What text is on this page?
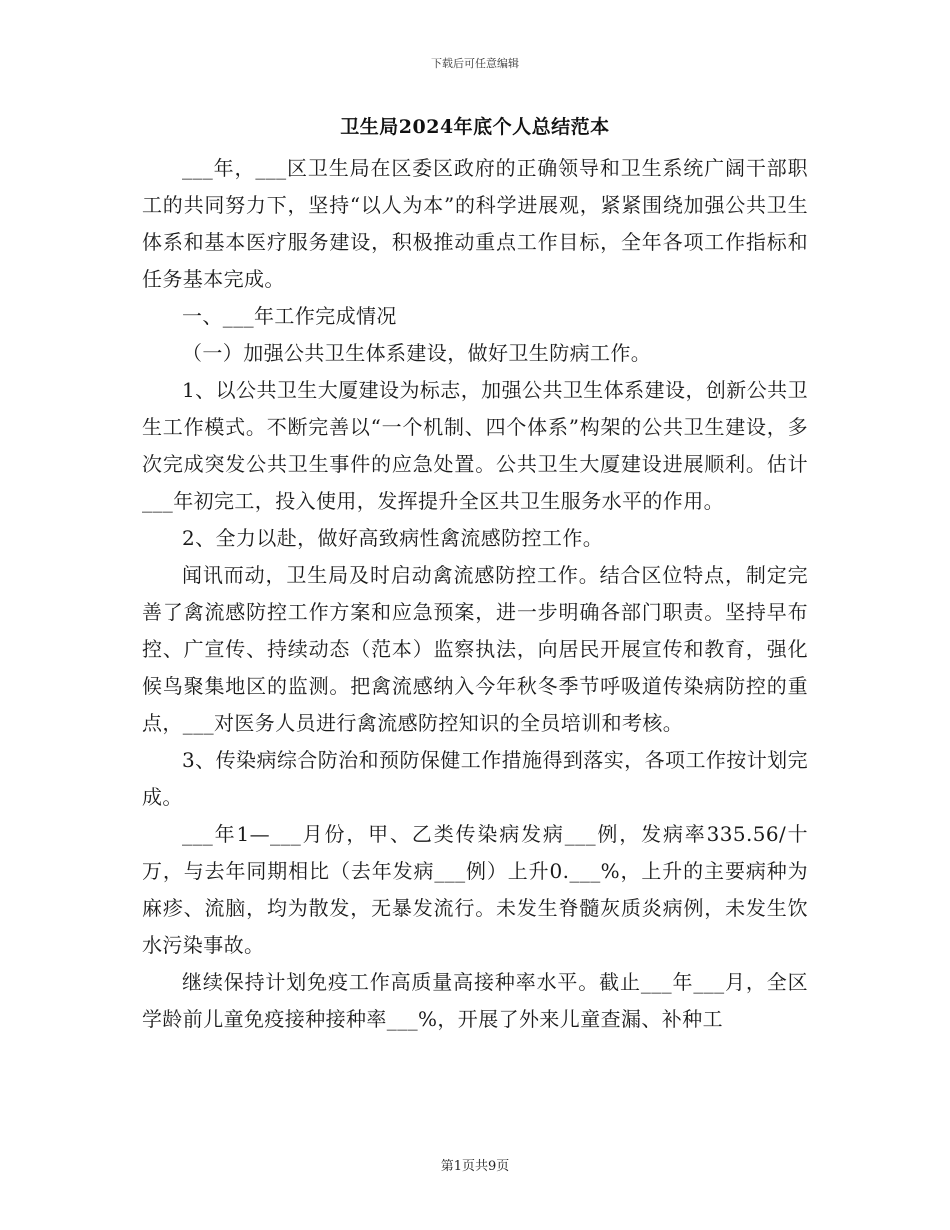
下载后可任意编辑
卫生局2024年底个人总结范本

___年，___区卫生局在区委区政府的正确领导和卫生系统广阔干部职工的共同努力下，坚持“以人为本”的科学进展观，紧紧围绕加强公共卫生体系和基本医疗服务建设，积极推动重点工作目标，全年各项工作指标和任务基本完成。

一、___年工作完成情况

（一）加强公共卫生体系建设，做好卫生防病工作。

1、以公共卫生大厦建设为标志，加强公共卫生体系建设，创新公共卫生工作模式。不断完善以“一个机制、四个体系”构架的公共卫生建设，多次完成突发公共卫生事件的应急处置。公共卫生大厦建设进展顺利。估计___年初完工，投入使用，发挥提升全区共卫生服务水平的作用。

2、全力以赴，做好高致病性禽流感防控工作。

闻讯而动，卫生局及时启动禽流感防控工作。结合区位特点，制定完善了禽流感防控工作方案和应急预案，进一步明确各部门职责。坚持早布控、广宣传、持续动态（范本）监察执法，向居民开展宣传和教育，强化候鸟聚集地区的监测。把禽流感纳入今年秋冬季节呼吸道传染病防控的重点，___对医务人员进行禽流感防控知识的全员培训和考核。

3、传染病综合防治和预防保健工作措施得到落实，各项工作按计划完成。

___年1—___月份，甲、乙类传染病发病___例，发病率335.56/十万，与去年同期相比（去年发病___例）上升0.___%，上升的主要病种为麻疹、流脑，均为散发，无暴发流行。未发生脊髓灰质炎病例，未发生饮水污染事故。

继续保持计划免疫工作高质量高接种率水平。截止___年___月，全区学龄前儿童免疫接种接种率___%，开展了外来儿童查漏、补种工

第1页共9页
